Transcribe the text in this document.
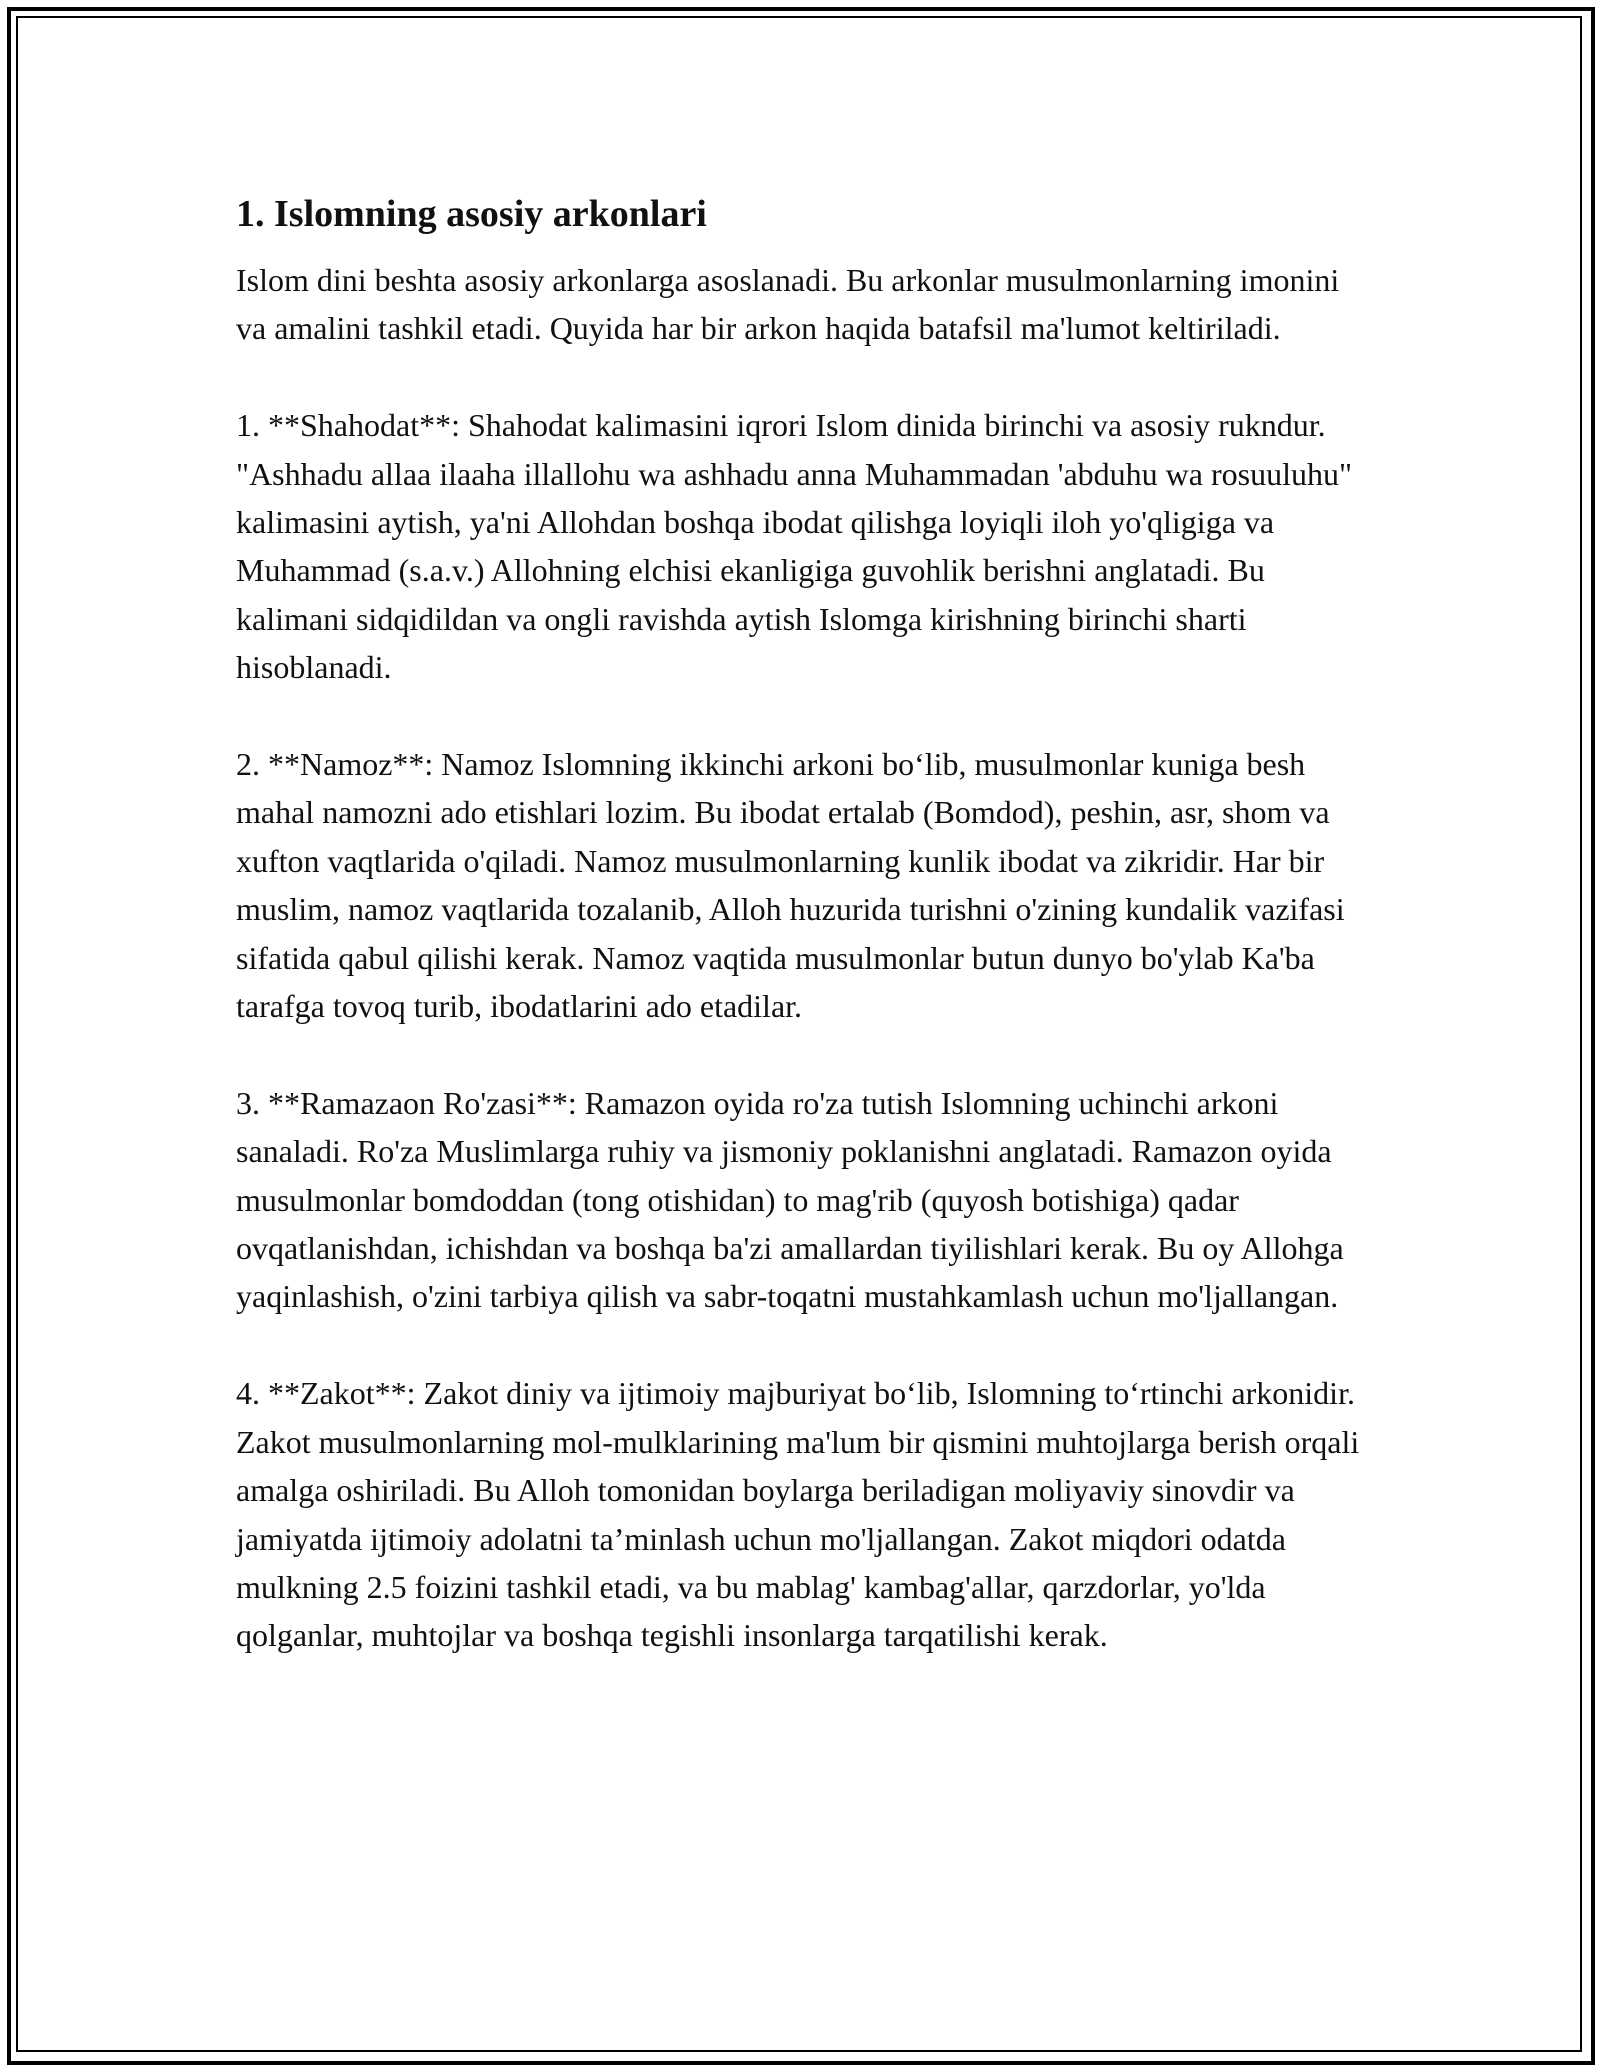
1. Islomning asosiy arkonlari

Islom dini beshta asosiy arkonlarga asoslanadi. Bu arkonlar musulmonlarning imonini va amalini tashkil etadi. Quyida har bir arkon haqida batafsil ma'lumot keltiriladi.

1. **Shahodat**: Shahodat kalimasini iqrori Islom dinida birinchi va asosiy rukndur. "Ashhadu allaa ilaaha illallohu wa ashhadu anna Muhammadan 'abduhu wa rosuuluhu" kalimasini aytish, ya'ni Allohdan boshqa ibodat qilishga loyiqli iloh yo'qligiga va Muhammad (s.a.v.) Allohning elchisi ekanligiga guvohlik berishni anglatadi. Bu kalimani sidqidildan va ongli ravishda aytish Islomga kirishning birinchi sharti hisoblanadi.

2. **Namoz**: Namoz Islomning ikkinchi arkoni bo‘lib, musulmonlar kuniga besh mahal namozni ado etishlari lozim. Bu ibodat ertalab (Bomdod), peshin, asr, shom va xufton vaqtlarida o'qiladi. Namoz musulmonlarning kunlik ibodat va zikridir. Har bir muslim, namoz vaqtlarida tozalanib, Alloh huzurida turishni o'zining kundalik vazifasi sifatida qabul qilishi kerak. Namoz vaqtida musulmonlar butun dunyo bo'ylab Ka'ba tarafga tovoq turib, ibodatlarini ado etadilar.

3. **Ramazaon Ro'zasi**: Ramazon oyida ro'za tutish Islomning uchinchi arkoni sanaladi. Ro'za Muslimlarga ruhiy va jismoniy poklanishni anglatadi. Ramazon oyida musulmonlar bomdoddan (tong otishidan) to mag'rib (quyosh botishiga) qadar ovqatlanishdan, ichishdan va boshqa ba'zi amallardan tiyilishlari kerak. Bu oy Allohga yaqinlashish, o'zini tarbiya qilish va sabr-toqatni mustahkamlash uchun mo'ljallangan.

4. **Zakot**: Zakot diniy va ijtimoiy majburiyat bo‘lib, Islomning to‘rtinchi arkonidir. Zakot musulmonlarning mol-mulklarining ma'lum bir qismini muhtojlarga berish orqali amalga oshiriladi. Bu Alloh tomonidan boylarga beriladigan moliyaviy sinovdir va jamiyatda ijtimoiy adolatni ta’minlash uchun mo'ljallangan. Zakot miqdori odatda mulkning 2.5 foizini tashkil etadi, va bu mablag' kambag'allar, qarzdorlar, yo'lda qolganlar, muhtojlar va boshqa tegishli insonlarga tarqatilishi kerak.
